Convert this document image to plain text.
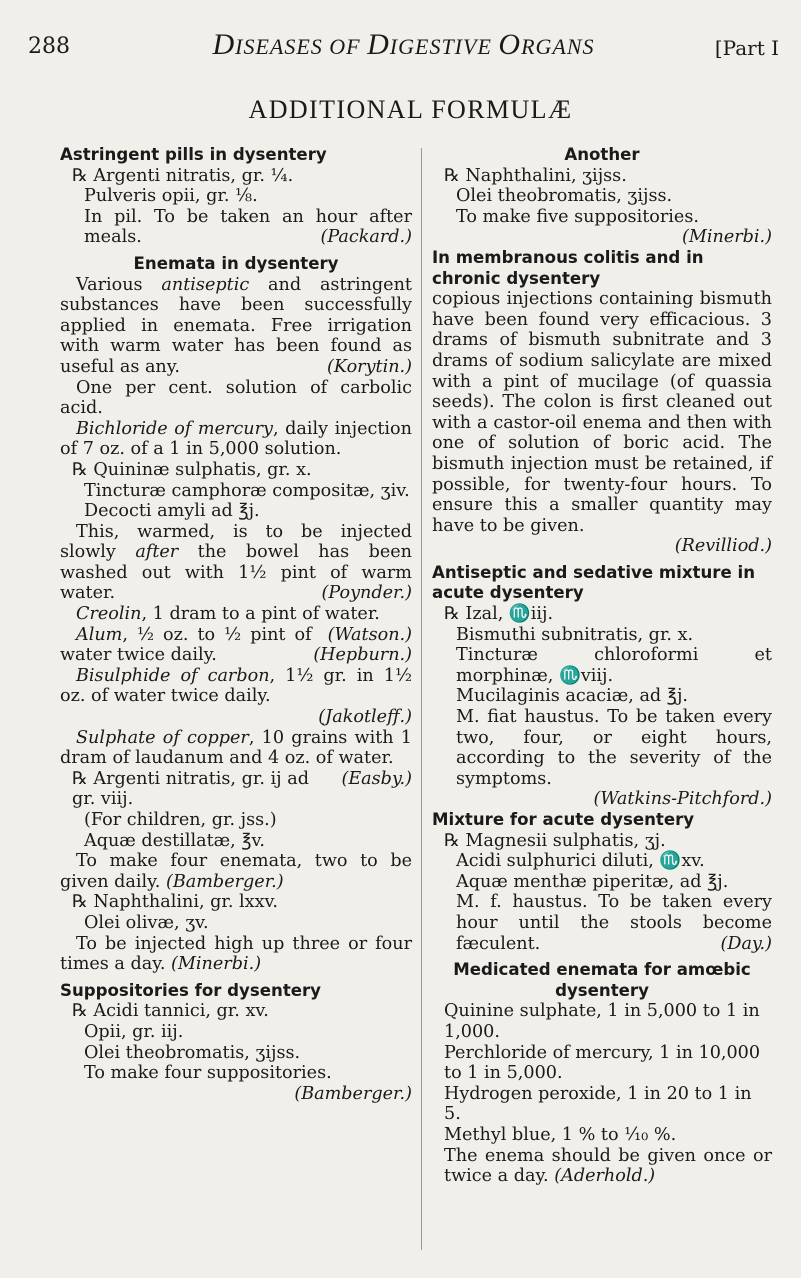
288	DISEASES OF DIGESTIVE ORGANS	[Part I
ADDITIONAL FORMULÆ
Astringent pills in dysentery
℞ Argenti nitratis, gr. ¼.
Pulveris opii, gr. ⅛.
In pil. To be taken an hour after meals.	(Packard.)
Enemata in dysentery
Various antiseptic and astringent substances have been successfully applied in enemata. Free irrigation with warm water has been found as useful as any.	(Korytin.)
One per cent. solution of carbolic acid.
Bichloride of mercury, daily injection of 7 oz. of a 1 in 5,000 solution.
℞ Quininæ sulphatis, gr. x.
Tincturæ camphoræ compositæ, ʒiv.
Decocti amyli ad ℥j.
This, warmed, is to be injected slowly after the bowel has been washed out with 1½ pint of warm water.	(Poynder.)
Creolin, 1 dram to a pint of water.
(Watson.)
Alum, ½ oz. to ½ pint of water twice daily.	(Hepburn.)
Bisulphide of carbon, 1½ gr. in 1½ oz. of water twice daily.
(Jakotleff.)
Sulphate of copper, 10 grains with 1 dram of laudanum and 4 oz. of water.
(Easby.)
℞ Argenti nitratis, gr. ij ad gr. viij.
(For children, gr. jss.)
Aquæ destillatæ, ℥v.
To make four enemata, two to be given daily. (Bamberger.)
℞ Naphthalini, gr. lxxv.
Olei olivæ, ʒv.
To be injected high up three or four times a day. (Minerbi.)
Suppositories for dysentery
℞ Acidi tannici, gr. xv.
Opii, gr. iij.
Olei theobromatis, ʒijss.
To make four suppositories.
(Bamberger.)
Another
℞ Naphthalini, ʒijss.
Olei theobromatis, ʒijss.
To make five suppositories.
(Minerbi.)
In membranous colitis and in chronic dysentery
copious injections containing bismuth have been found very efficacious. 3 drams of bismuth subnitrate and 3 drams of sodium salicylate are mixed with a pint of mucilage (of quassia seeds). The colon is first cleaned out with a castor-oil enema and then with one of solution of boric acid. The bismuth injection must be retained, if possible, for twenty-four hours. To ensure this a smaller quantity may have to be given.
(Revilliod.)
Antiseptic and sedative mixture in acute dysentery
℞ Izal, ♏iij.
Bismuthi subnitratis, gr. x.
Tincturæ chloroformi et morphinæ, ♏viij.
Mucilaginis acaciæ, ad ℥j.
M. fiat haustus. To be taken every two, four, or eight hours, according to the severity of the symptoms.
(Watkins-Pitchford.)
Mixture for acute dysentery
℞ Magnesii sulphatis, ʒj.
Acidi sulphurici diluti, ♏xv.
Aquæ menthæ piperitæ, ad ℥j.
M. f. haustus. To be taken every hour until the stools become fæculent.	(Day.)
Medicated enemata for amœbic dysentery
Quinine sulphate, 1 in 5,000 to 1 in 1,000.
Perchloride of mercury, 1 in 10,000 to 1 in 5,000.
Hydrogen peroxide, 1 in 20 to 1 in 5.
Methyl blue, 1 % to ⅒ %.
The enema should be given once or twice a day. (Aderhold.)
